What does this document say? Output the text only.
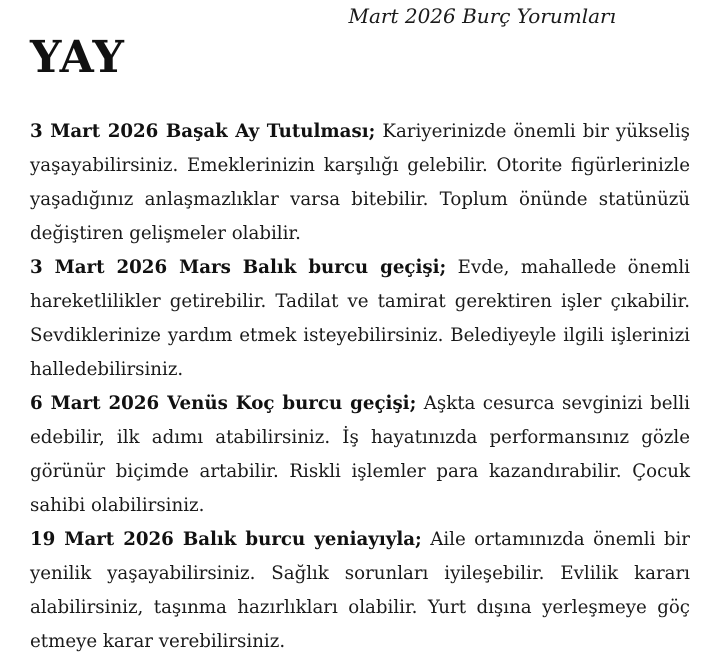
Mart 2026 Burç Yorumları
YAY

3 Mart 2026 Başak Ay Tutulması; Kariyerinizde önemli bir yükseliş yaşayabilirsiniz. Emeklerinizin karşılığı gelebilir. Otorite figürlerinizle yaşadığınız anlaşmazlıklar varsa bitebilir. Toplum önünde statünüzü değiştiren gelişmeler olabilir.

3 Mart 2026 Mars Balık burcu geçişi; Evde, mahallede önemli hareketlilikler getirebilir. Tadilat ve tamirat gerektiren işler çıkabilir. Sevdiklerinize yardım etmek isteyebilirsiniz. Belediyeyle ilgili işlerinizi halledebilirsiniz.

6 Mart 2026 Venüs Koç burcu geçişi; Aşkta cesurca sevginizi belli edebilir, ilk adımı atabilirsiniz. İş hayatınızda performansınız gözle görünür biçimde artabilir. Riskli işlemler para kazandırabilir. Çocuk sahibi olabilirsiniz.

19 Mart 2026 Balık burcu yeniayıyla; Aile ortamınızda önemli bir yenilik yaşayabilirsiniz. Sağlık sorunları iyileşebilir. Evlilik kararı alabilirsiniz, taşınma hazırlıkları olabilir. Yurt dışına yerleşmeye göç etmeye karar verebilirsiniz.
